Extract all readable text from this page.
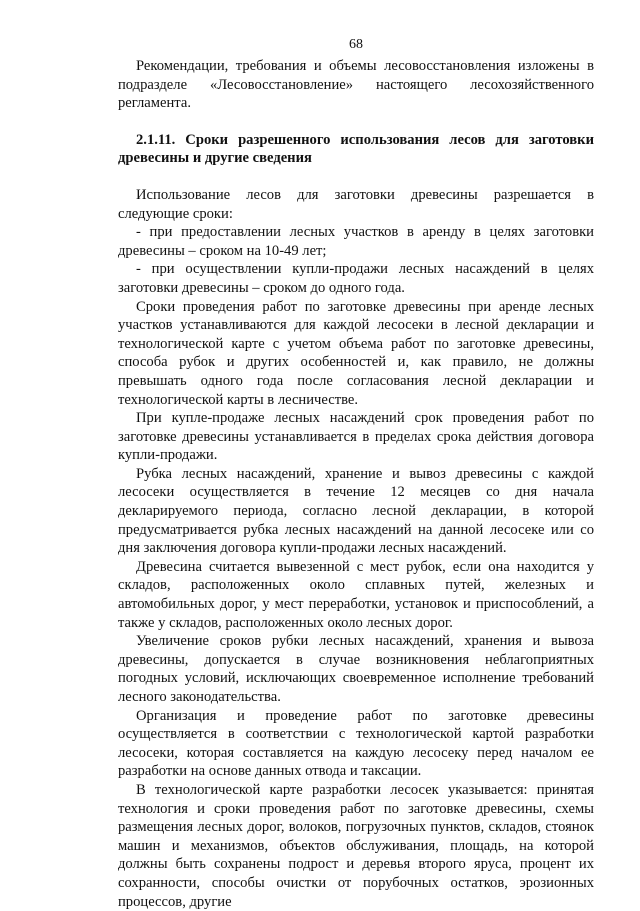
68

Рекомендации, требования и объемы лесовосстановления изложены в подразделе «Лесовосстановление» настоящего лесохозяйственного регламента.

2.1.11. Сроки разрешенного использования лесов для заготовки древесины и другие сведения

Использование лесов для заготовки древесины разрешается в следующие сроки:

- при предоставлении лесных участков в аренду в целях заготовки древесины – сроком на 10-49 лет;

- при осуществлении купли-продажи лесных насаждений в целях заготовки древесины – сроком до одного года.

Сроки проведения работ по заготовке древесины при аренде лесных участков устанавливаются для каждой лесосеки в лесной декларации и технологической карте с учетом объема работ по заготовке древесины, способа рубок и других особенностей и, как правило, не должны превышать одного года после согласования лесной декларации и технологической карты в лесничестве.

При купле-продаже лесных насаждений срок проведения работ по заготовке древесины устанавливается в пределах срока действия договора купли-продажи.

Рубка лесных насаждений, хранение и вывоз древесины с каждой лесосеки осуществляется в течение 12 месяцев со дня начала декларируемого периода, согласно лесной декларации, в которой предусматривается рубка лесных насаждений на данной лесосеке или со дня заключения договора купли-продажи лесных насаждений.

Древесина считается вывезенной с мест рубок, если она находится у складов, расположенных около сплавных путей, железных и автомобильных дорог, у мест переработки, установок и приспособлений, а также у складов, расположенных около лесных дорог.

Увеличение сроков рубки лесных насаждений, хранения и вывоза древесины, допускается в случае возникновения неблагоприятных погодных условий, исключающих своевременное исполнение требований лесного законодательства.

Организация и проведение работ по заготовке древесины осуществляется в соответствии с технологической картой разработки лесосеки, которая составляется на каждую лесосеку перед началом ее разработки на основе данных отвода и таксации.

В технологической карте разработки лесосек указывается: принятая технология и сроки проведения работ по заготовке древесины, схемы размещения лесных дорог, волоков, погрузочных пунктов, складов, стоянок машин и механизмов, объектов обслуживания, площадь, на которой должны быть сохранены подрост и деревья второго яруса, процент их сохранности, способы очистки от порубочных остатков, эрозионных процессов, другие
